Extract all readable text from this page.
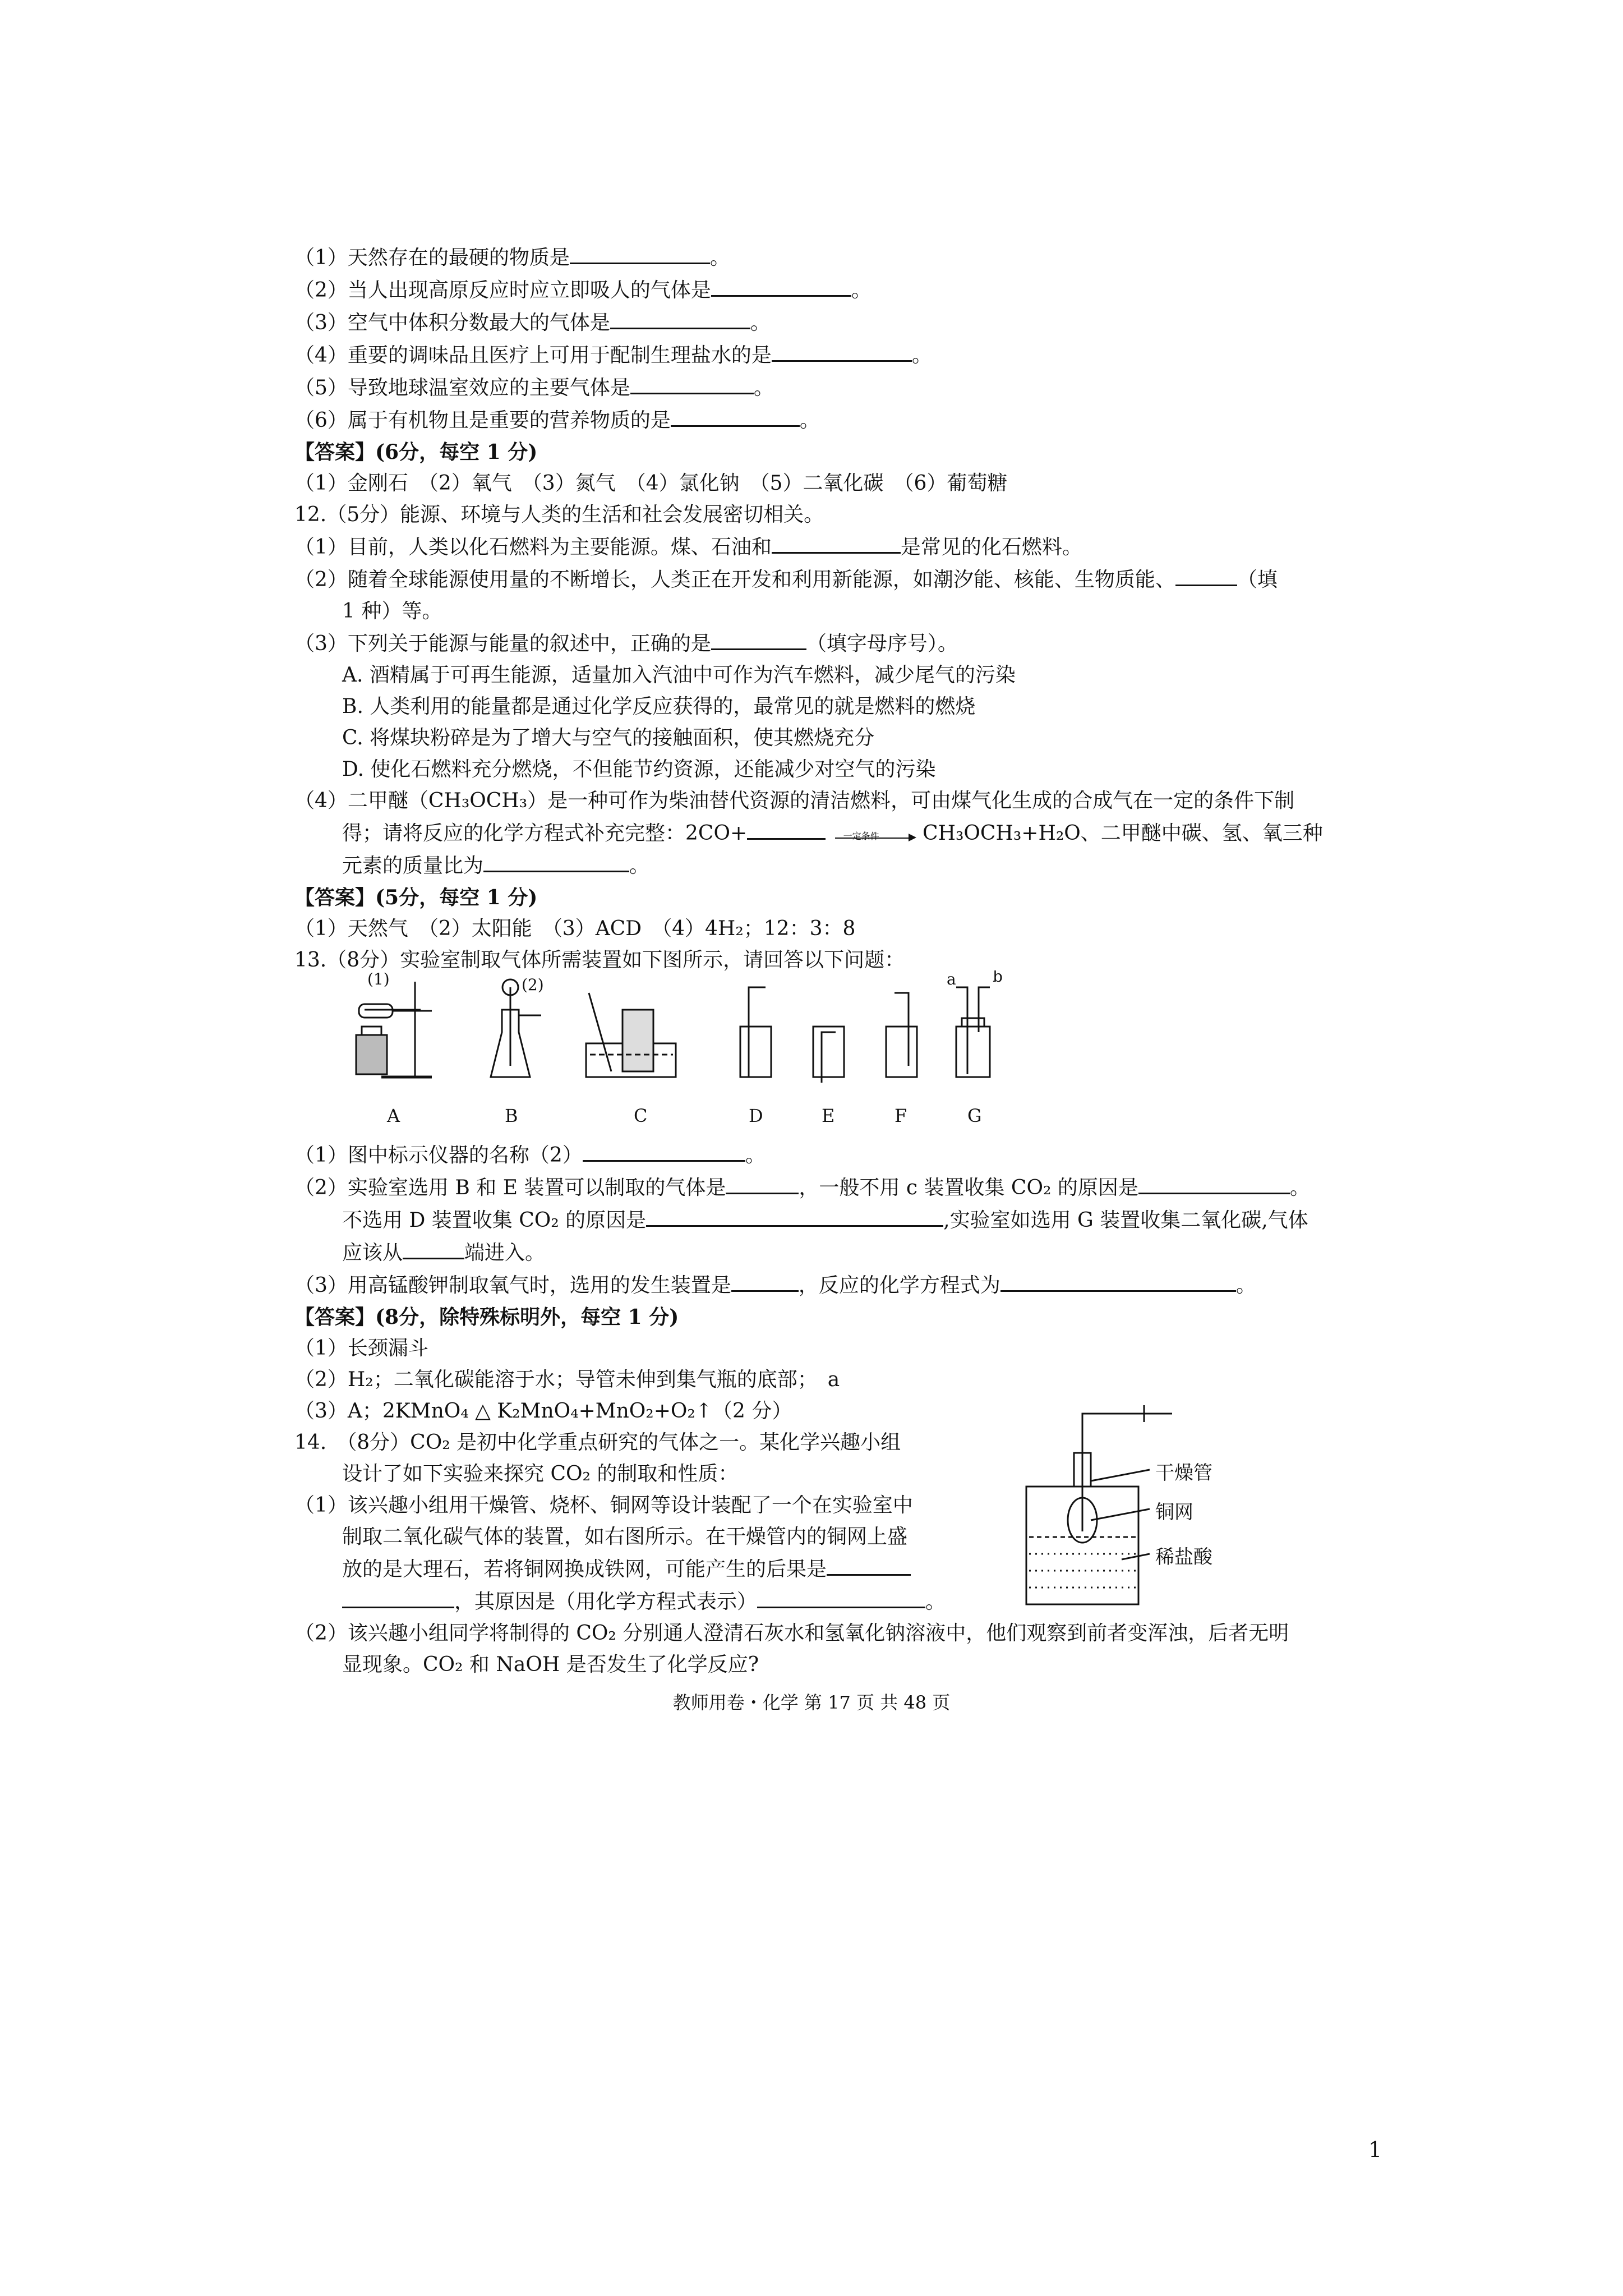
（1）天然存在的最硬的物质是	。
（2）当人出现高原反应时应立即吸人的气体是	。
（3）空气中体积分数最大的气体是	。
（4）重要的调味品且医疗上可用于配制生理盐水的是	。
（5）导致地球温室效应的主要气体是	。
（6）属于有机物且是重要的营养物质的是	。
【答案】(6分，每空 1 分)
（1）金刚石　（2）氧气　（3）氮气　（4）氯化钠　（5）二氧化碳　（6）葡萄糖
12.（5分）能源、环境与人类的生活和社会发展密切相关。
（1）目前，人类以化石燃料为主要能源。煤、石油和	是常见的化石燃料。
（2）随着全球能源使用量的不断增长，人类正在开发和利用新能源，如潮汐能、核能、生物质能、	（填
1 种）等。
（3）下列关于能源与能量的叙述中，正确的是	（填字母序号）。
A. 酒精属于可再生能源，适量加入汽油中可作为汽车燃料，减少尾气的污染
B. 人类利用的能量都是通过化学反应获得的，最常见的就是燃料的燃烧
C. 将煤块粉碎是为了增大与空气的接触面积，使其燃烧充分
D. 使化石燃料充分燃烧，不但能节约资源，还能减少对空气的污染
（4）二甲醚（CH₃OCH₃）是一种可作为柴油替代资源的清洁燃料，可由煤气化生成的合成气在一定的条件下制
得；请将反应的化学方程式补充完整：2CO+	一定条件 CH₃OCH₃+H₂O、二甲醚中碳、氢、氧三种
元素的质量比为	。
【答案】(5分，每空 1 分)
（1）天然气　（2）太阳能　（3）ACD　（4）4H₂；12：3：8
13.（8分）实验室制取气体所需装置如下图所示，请回答以下问题：
（1）图中标示仪器的名称（2）	。
（2）实验室选用 B 和 E 装置可以制取的气体是	，一般不用 c 装置收集 CO₂ 的原因是	。
不选用 D 装置收集 CO₂ 的原因是	,实验室如选用 G 装置收集二氧化碳,气体
应该从	端进入。
（3）用高锰酸钾制取氧气时，选用的发生装置是	，反应的化学方程式为	。
【答案】(8分，除特殊标明外，每空 1 分)
（1）长颈漏斗
（2）H₂；二氧化碳能溶于水；导管未伸到集气瓶的底部；　a
（3）A；2KMnO₄ △ K₂MnO₄+MnO₂+O₂↑（2 分）
14.　（8分）CO₂ 是初中化学重点研究的气体之一。某化学兴趣小组
设计了如下实验来探究 CO₂ 的制取和性质：
（1）该兴趣小组用干燥管、烧杯、铜网等设计装配了一个在实验室中
制取二氧化碳气体的装置，如右图所示。在干燥管内的铜网上盛
放的是大理石，若将铜网换成铁网，可能产生的后果是
，其原因是（用化学方程式表示）	。
（2）该兴趣小组同学将制得的 CO₂ 分别通人澄清石灰水和氢氧化钠溶液中，他们观察到前者变浑浊，后者无明
显现象。CO₂ 和 NaOH 是否发生了化学反应?
(1)	(2)	a b
A	B	C	D	E	F	G
干燥管
铜网
稀盐酸
教师用卷・化学 第 17 页 共 48 页
1
